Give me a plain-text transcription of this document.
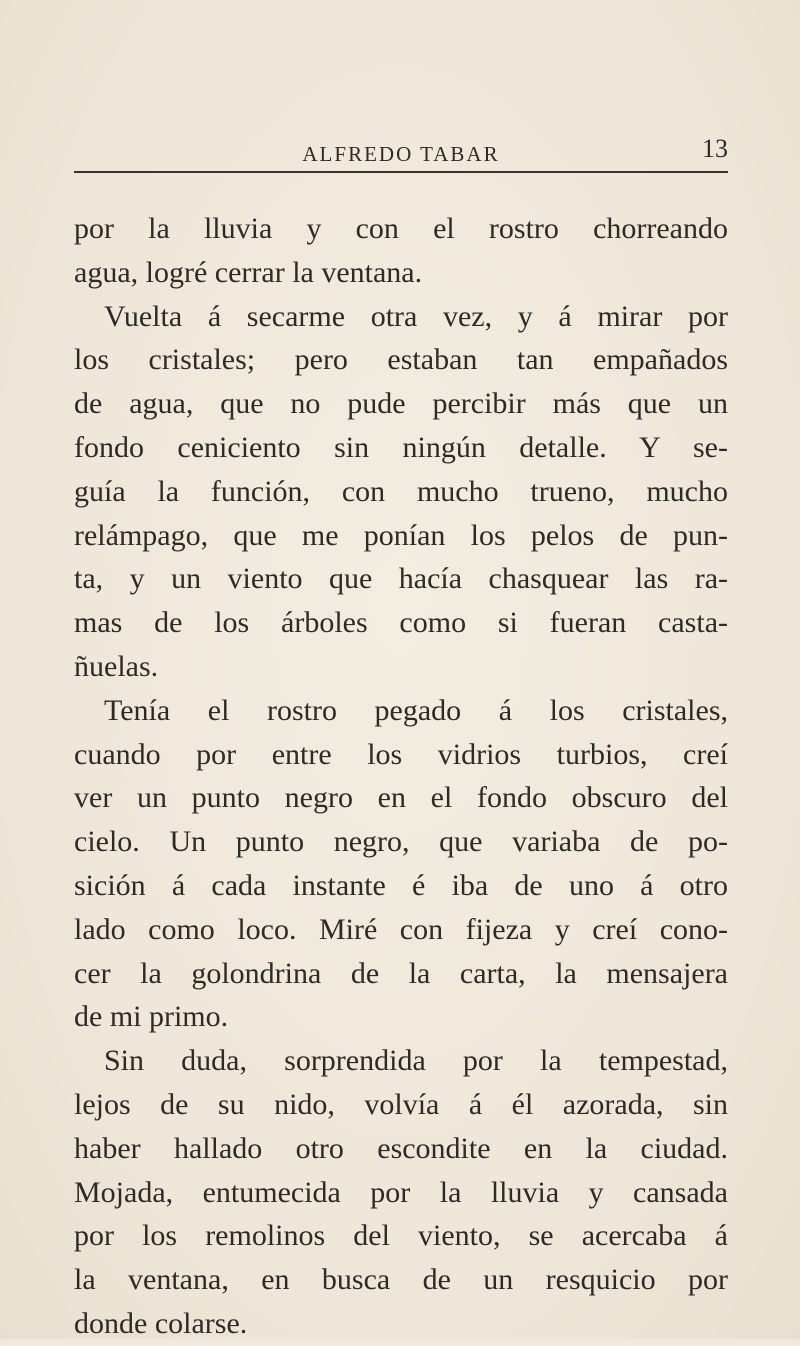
ALFREDO TABAR	13
por la lluvia y con el rostro chorreando
agua, logré cerrar la ventana.
Vuelta á secarme otra vez, y á mirar por
los cristales; pero estaban tan empañados
de agua, que no pude percibir más que un
fondo ceniciento sin ningún detalle. Y se-
guía la función, con mucho trueno, mucho
relámpago, que me ponían los pelos de pun-
ta, y un viento que hacía chasquear las ra-
mas de los árboles como si fueran casta-
ñuelas.
Tenía el rostro pegado á los cristales,
cuando por entre los vidrios turbios, creí
ver un punto negro en el fondo obscuro del
cielo. Un punto negro, que variaba de po-
sición á cada instante é iba de uno á otro
lado como loco. Miré con fijeza y creí cono-
cer la golondrina de la carta, la mensajera
de mi primo.
Sin duda, sorprendida por la tempestad,
lejos de su nido, volvía á él azorada, sin
haber hallado otro escondite en la ciudad.
Mojada, entumecida por la lluvia y cansada
por los remolinos del viento, se acercaba á
la ventana, en busca de un resquicio por
donde colarse.
